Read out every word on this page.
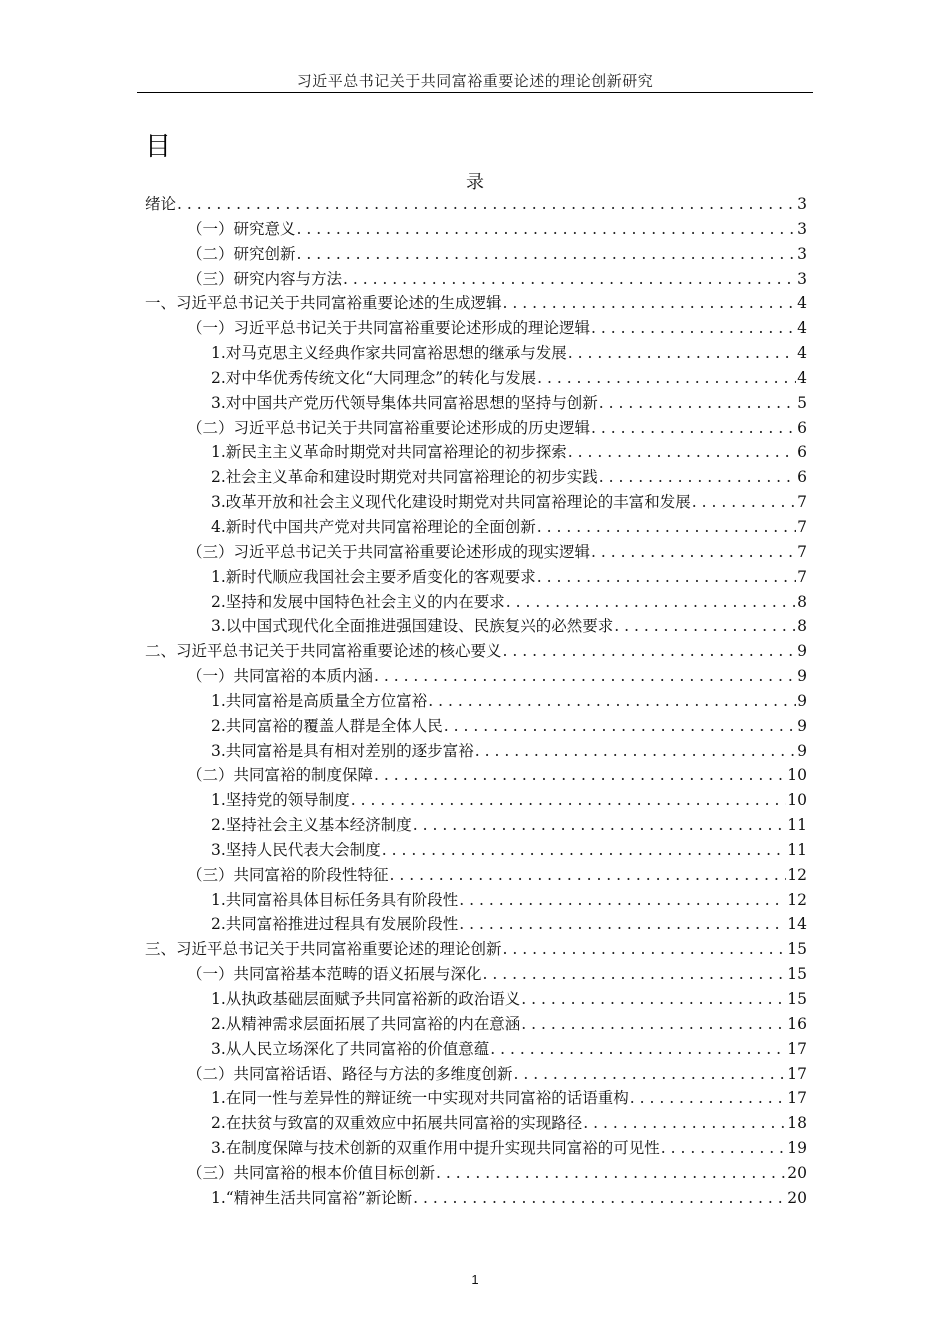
习近平总书记关于共同富裕重要论述的理论创新研究
目
录
绪论 . . .	3
（一）研究意义 . . .	3
（二）研究创新 . . .	3
（三）研究内容与方法 . . .	3
一、习近平总书记关于共同富裕重要论述的生成逻辑 . . .	4
（一）习近平总书记关于共同富裕重要论述形成的理论逻辑 . . .	4
1.对马克思主义经典作家共同富裕思想的继承与发展 . . .	4
2.对中华优秀传统文化“大同理念”的转化与发展 . . .	4
3.对中国共产党历代领导集体共同富裕思想的坚持与创新 . . .	5
（二）习近平总书记关于共同富裕重要论述形成的历史逻辑 . . .	6
1.新民主主义革命时期党对共同富裕理论的初步探索 . . .	6
2.社会主义革命和建设时期党对共同富裕理论的初步实践 . . .	6
3.改革开放和社会主义现代化建设时期党对共同富裕理论的丰富和发展 . . .	7
4.新时代中国共产党对共同富裕理论的全面创新 . . .	7
（三）习近平总书记关于共同富裕重要论述形成的现实逻辑 . . .	7
1.新时代顺应我国社会主要矛盾变化的客观要求 . . .	7
2.坚持和发展中国特色社会主义的内在要求 . . .	8
3.以中国式现代化全面推进强国建设、民族复兴的必然要求 . . .	8
二、习近平总书记关于共同富裕重要论述的核心要义 . . .	9
（一）共同富裕的本质内涵 . . .	9
1.共同富裕是高质量全方位富裕 . . .	9
2.共同富裕的覆盖人群是全体人民 . . .	9
3.共同富裕是具有相对差别的逐步富裕 . . .	9
（二）共同富裕的制度保障 . . .	10
1.坚持党的领导制度 . . .	10
2.坚持社会主义基本经济制度 . . .	11
3.坚持人民代表大会制度 . . .	11
（三）共同富裕的阶段性特征 . . .	12
1.共同富裕具体目标任务具有阶段性 . . .	12
2.共同富裕推进过程具有发展阶段性 . . .	14
三、习近平总书记关于共同富裕重要论述的理论创新 . . .	15
（一）共同富裕基本范畴的语义拓展与深化 . . .	15
1.从执政基础层面赋予共同富裕新的政治语义 . . .	15
2.从精神需求层面拓展了共同富裕的内在意涵 . . .	16
3.从人民立场深化了共同富裕的价值意蕴 . . .	17
（二）共同富裕话语、路径与方法的多维度创新 . . .	17
1.在同一性与差异性的辩证统一中实现对共同富裕的话语重构 . . .	17
2.在扶贫与致富的双重效应中拓展共同富裕的实现路径 . . .	18
3.在制度保障与技术创新的双重作用中提升实现共同富裕的可见性 . . .	19
（三）共同富裕的根本价值目标创新 . . .	20
1.“精神生活共同富裕”新论断 . . .	20
1
